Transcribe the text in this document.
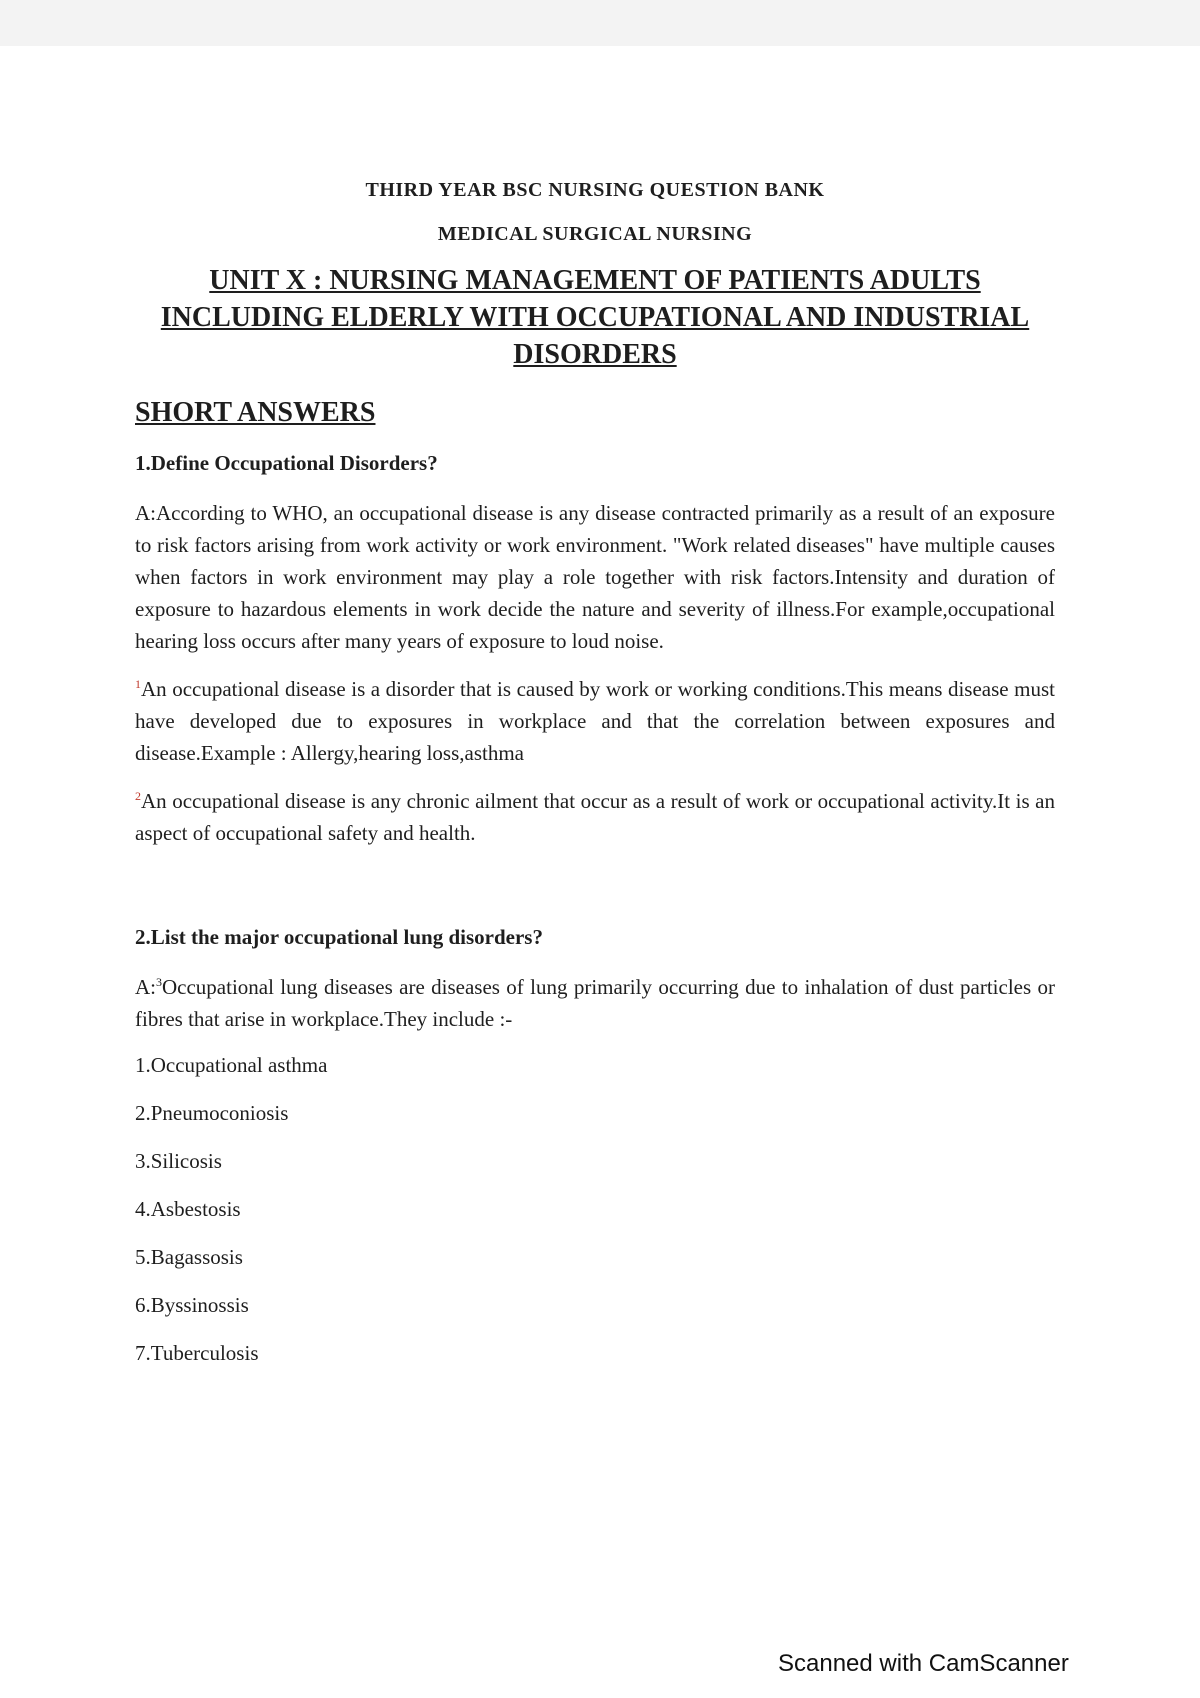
THIRD YEAR BSC NURSING QUESTION BANK

MEDICAL SURGICAL NURSING

UNIT X : NURSING MANAGEMENT OF PATIENTS ADULTS INCLUDING ELDERLY WITH OCCUPATIONAL AND INDUSTRIAL DISORDERS

SHORT ANSWERS

1.Define Occupational Disorders?

A:According to WHO, an occupational disease is any disease contracted primarily as a result of an exposure to risk factors arising from work activity or work environment. "Work related diseases" have multiple causes when factors in work environment may play a role together with risk factors.Intensity and duration of exposure to hazardous elements in work decide the nature and severity of illness.For example,occupational hearing loss occurs after many years of exposure to loud noise.

$^1$An occupational disease is a disorder that is caused by work or working conditions.This means disease must have developed due to exposures in workplace and that the correlation between exposures and disease.Example : Allergy,hearing loss,asthma

$^2$An occupational disease is any chronic ailment that occur as a result of work or occupational activity.It is an aspect of occupational safety and health.

2.List the major occupational lung disorders?

A:$^3$Occupational lung diseases are diseases of lung primarily occurring due to inhalation of dust particles or fibres that arise in workplace.They include :-

1.Occupational asthma
2.Pneumoconiosis
3.Silicosis
4.Asbestosis
5.Bagassosis
6.Byssinossis
7.Tuberculosis

Scanned with CamScanner
